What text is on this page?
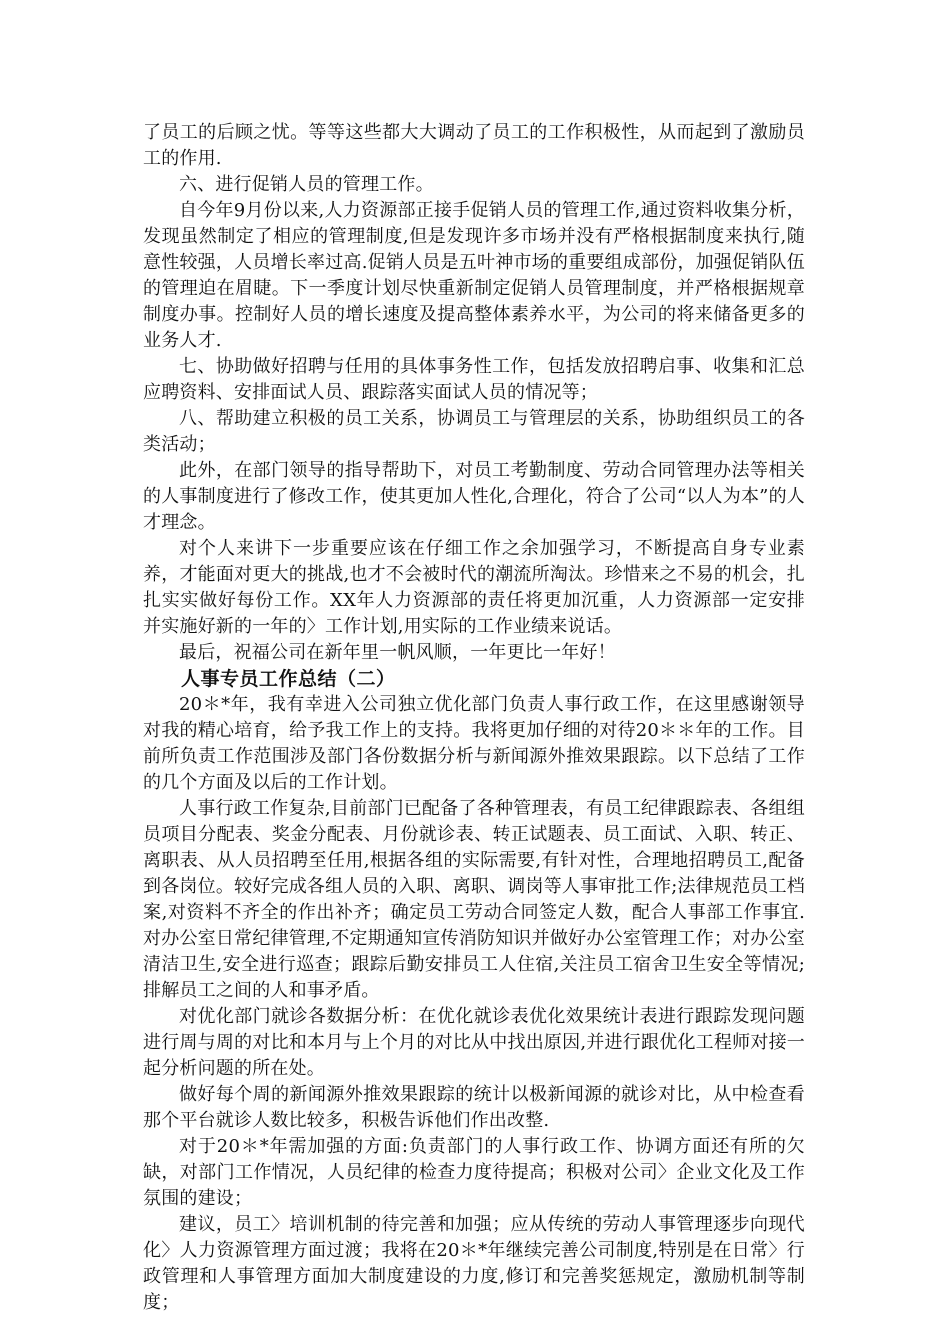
了员工的后顾之忧。等等这些都大大调动了员工的工作积极性，从而起到了激励员工的作用.

六、进行促销人员的管理工作。

自今年9月份以来,人力资源部正接手促销人员的管理工作,通过资料收集分析，发现虽然制定了相应的管理制度,但是发现许多市场并没有严格根据制度来执行,随意性较强，人员增长率过高.促销人员是五叶神市场的重要组成部份，加强促销队伍的管理迫在眉睫。下一季度计划尽快重新制定促销人员管理制度，并严格根据规章制度办事。控制好人员的增长速度及提高整体素养水平，为公司的将来储备更多的业务人才.

七、协助做好招聘与任用的具体事务性工作，包括发放招聘启事、收集和汇总应聘资料、安排面试人员、跟踪落实面试人员的情况等；

八、帮助建立积极的员工关系，协调员工与管理层的关系，协助组织员工的各类活动；

此外，在部门领导的指导帮助下，对员工考勤制度、劳动合同管理办法等相关的人事制度进行了修改工作，使其更加人性化,合理化，符合了公司“以人为本”的人才理念。

对个人来讲下一步重要应该在仔细工作之余加强学习，不断提高自身专业素养，才能面对更大的挑战,也才不会被时代的潮流所淘汰。珍惜来之不易的机会，扎扎实实做好每份工作。XX年人力资源部的责任将更加沉重，人力资源部一定安排并实施好新的一年的〉工作计划,用实际的工作业绩来说话。

最后，祝福公司在新年里一帆风顺，一年更比一年好！

人事专员工作总结（二）

20＊*年，我有幸进入公司独立优化部门负责人事行政工作，在这里感谢领导对我的精心培育，给予我工作上的支持。我将更加仔细的对待20＊＊年的工作。目前所负责工作范围涉及部门各份数据分析与新闻源外推效果跟踪。以下总结了工作的几个方面及以后的工作计划。

人事行政工作复杂,目前部门已配备了各种管理表，有员工纪律跟踪表、各组组员项目分配表、奖金分配表、月份就诊表、转正试题表、员工面试、入职、转正、离职表、从人员招聘至任用,根据各组的实际需要,有针对性，合理地招聘员工,配备到各岗位。较好完成各组人员的入职、离职、调岗等人事审批工作;法律规范员工档案,对资料不齐全的作出补齐；确定员工劳动合同签定人数，配合人事部工作事宜.对办公室日常纪律管理,不定期通知宣传消防知识并做好办公室管理工作；对办公室清洁卫生,安全进行巡查；跟踪后勤安排员工人住宿,关注员工宿舍卫生安全等情况;排解员工之间的人和事矛盾。

对优化部门就诊各数据分析：在优化就诊表优化效果统计表进行跟踪发现问题进行周与周的对比和本月与上个月的对比从中找出原因,并进行跟优化工程师对接一起分析问题的所在处。

做好每个周的新闻源外推效果跟踪的统计以极新闻源的就诊对比，从中检查看那个平台就诊人数比较多，积极告诉他们作出改整.

对于20＊*年需加强的方面:负责部门的人事行政工作、协调方面还有所的欠缺，对部门工作情况，人员纪律的检查力度待提高；积极对公司〉企业文化及工作氛围的建设；

建议，员工〉培训机制的待完善和加强；应从传统的劳动人事管理逐步向现代化〉人力资源管理方面过渡；我将在20＊*年继续完善公司制度,特别是在日常〉行政管理和人事管理方面加大制度建设的力度,修订和完善奖惩规定，激励机制等制度；
